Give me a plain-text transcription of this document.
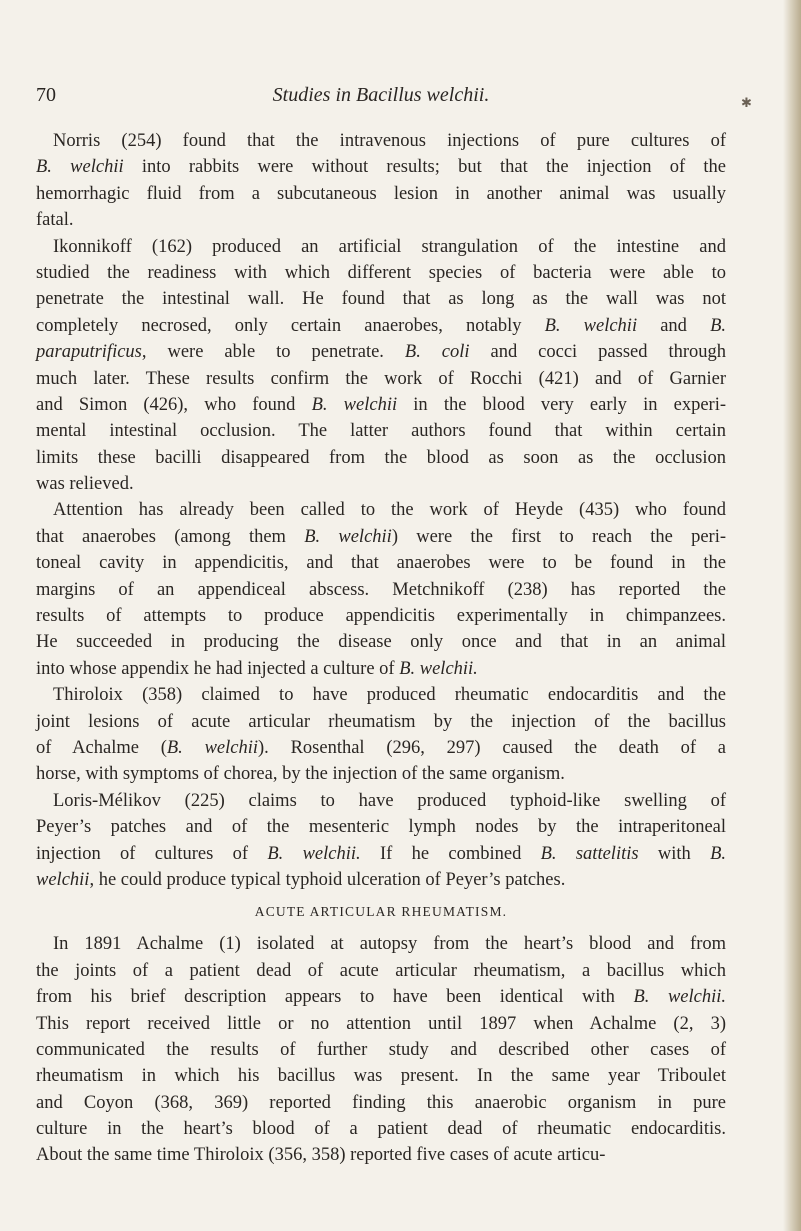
70	Studies in Bacillus welchii.	✱
Norris (254) found that the intravenous injections of pure cultures of
B. welchii into rabbits were without results; but that the injection of the
hemorrhagic fluid from a subcutaneous lesion in another animal was usually
fatal.
Ikonnikoff (162) produced an artificial strangulation of the intestine and
studied the readiness with which different species of bacteria were able to
penetrate the intestinal wall. He found that as long as the wall was not
completely necrosed, only certain anaerobes, notably B. welchii and B.
paraputrificus, were able to penetrate. B. coli and cocci passed through
much later. These results confirm the work of Rocchi (421) and of Garnier
and Simon (426), who found B. welchii in the blood very early in experi-
mental intestinal occlusion. The latter authors found that within certain
limits these bacilli disappeared from the blood as soon as the occlusion
was relieved.
Attention has already been called to the work of Heyde (435) who found
that anaerobes (among them B. welchii) were the first to reach the peri-
toneal cavity in appendicitis, and that anaerobes were to be found in the
margins of an appendiceal abscess. Metchnikoff (238) has reported the
results of attempts to produce appendicitis experimentally in chimpanzees.
He succeeded in producing the disease only once and that in an animal
into whose appendix he had injected a culture of B. welchii.
Thiroloix (358) claimed to have produced rheumatic endocarditis and the
joint lesions of acute articular rheumatism by the injection of the bacillus
of Achalme (B. welchii). Rosenthal (296, 297) caused the death of a
horse, with symptoms of chorea, by the injection of the same organism.
Loris-Mélikov (225) claims to have produced typhoid-like swelling of
Peyer’s patches and of the mesenteric lymph nodes by the intraperitoneal
injection of cultures of B. welchii. If he combined B. sattelitis with B.
welchii, he could produce typical typhoid ulceration of Peyer’s patches.
ACUTE ARTICULAR RHEUMATISM.
In 1891 Achalme (1) isolated at autopsy from the heart’s blood and from
the joints of a patient dead of acute articular rheumatism, a bacillus which
from his brief description appears to have been identical with B. welchii.
This report received little or no attention until 1897 when Achalme (2, 3)
communicated the results of further study and described other cases of
rheumatism in which his bacillus was present. In the same year Triboulet
and Coyon (368, 369) reported finding this anaerobic organism in pure
culture in the heart’s blood of a patient dead of rheumatic endocarditis.
About the same time Thiroloix (356, 358) reported five cases of acute articu-
